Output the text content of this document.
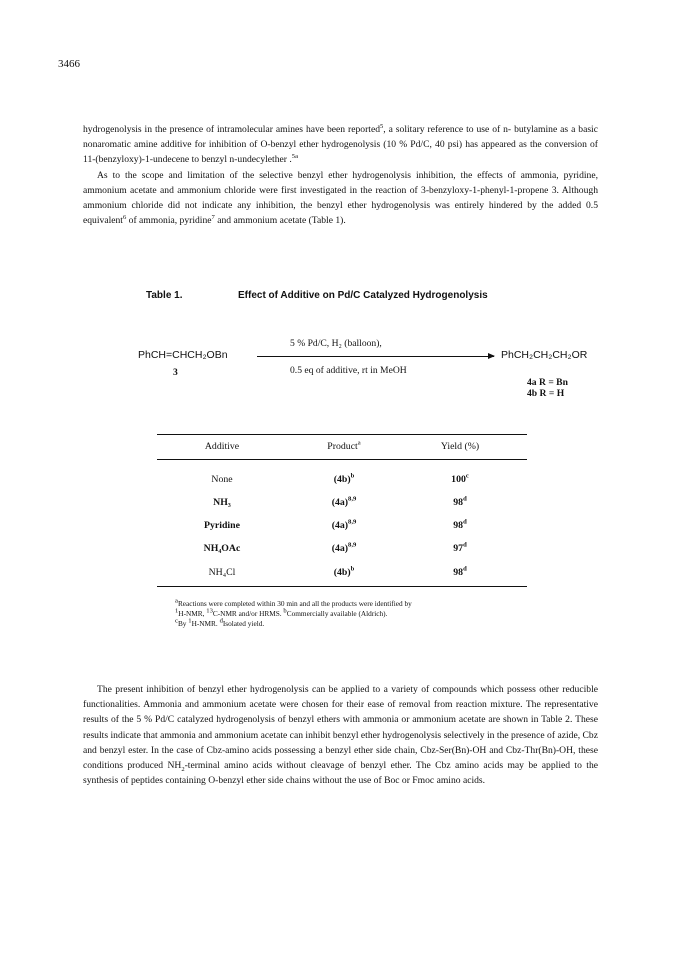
3466

hydrogenolysis in the presence of intramolecular amines have been reported$^5$, a solitary reference to use of n- butylamine as a basic nonaromatic amine additive for inhibition of O-benzyl ether hydrogenolysis (10 % Pd/C, 40 psi) has appeared as the conversion of 11-(benzyloxy)-1-undecene to benzyl n-undecylether .$^{5a}$

As to the scope and limitation of the selective benzyl ether hydrogenolysis inhibition, the effects of ammonia, pyridine, ammonium acetate and ammonium chloride were first investigated in the reaction of 3-benzyloxy-1-phenyl-1-propene 3. Although ammonium chloride did not indicate any inhibition, the benzyl ether hydrogenolysis was entirely hindered by the added 0.5 equivalent$^6$ of ammonia, pyridine$^7$ and ammonium acetate (Table 1).

Table 1.	Effect of Additive on Pd/C Catalyzed Hydrogenolysis
PhCH=CHCH₂OBn
3
5 % Pd/C, H₂ (balloon),
0.5 eq of additive, rt in MeOH
PhCH₂CH₂CH₂OR
4a R = Bn
4b R = H
Additive	Product$^a$	Yield (%)
None	$(4b)^b$	100$^c$
NH₃	$(4a)^{8,9}$	98$^d$
Pyridine	$(4a)^{8,9}$	98$^d$
NH₄OAc	$(4a)^{8,9}$	97$^d$
NH₄Cl	$(4b)^b$	98$^d$

$^a$Reactions were completed within 30 min and all the products were identified by

$^1$H-NMR, $^{13}$C-NMR and/or HRMS. $^b$Commercially available (Aldrich).

$^c$By $^1$H-NMR. $^d$Isolated yield.

The present inhibition of benzyl ether hydrogenolysis can be applied to a variety of compounds which possess other reducible functionalities. Ammonia and ammonium acetate were chosen for their ease of removal from reaction mixture. The representative results of the 5 % Pd/C catalyzed hydrogenolysis of benzyl ethers with ammonia or ammonium acetate are shown in Table 2. These results indicate that ammonia and ammonium acetate can inhibit benzyl ether hydrogenolysis selectively in the presence of azide, Cbz and benzyl ester. In the case of Cbz-amino acids possessing a benzyl ether side chain, Cbz-Ser(Bn)-OH and Cbz-Thr(Bn)-OH, these conditions produced $NH_2$-terminal amino acids without cleavage of benzyl ether. The Cbz amino acids may be applied to the synthesis of peptides containing O-benzyl ether side chains without the use of Boc or Fmoc amino acids.
